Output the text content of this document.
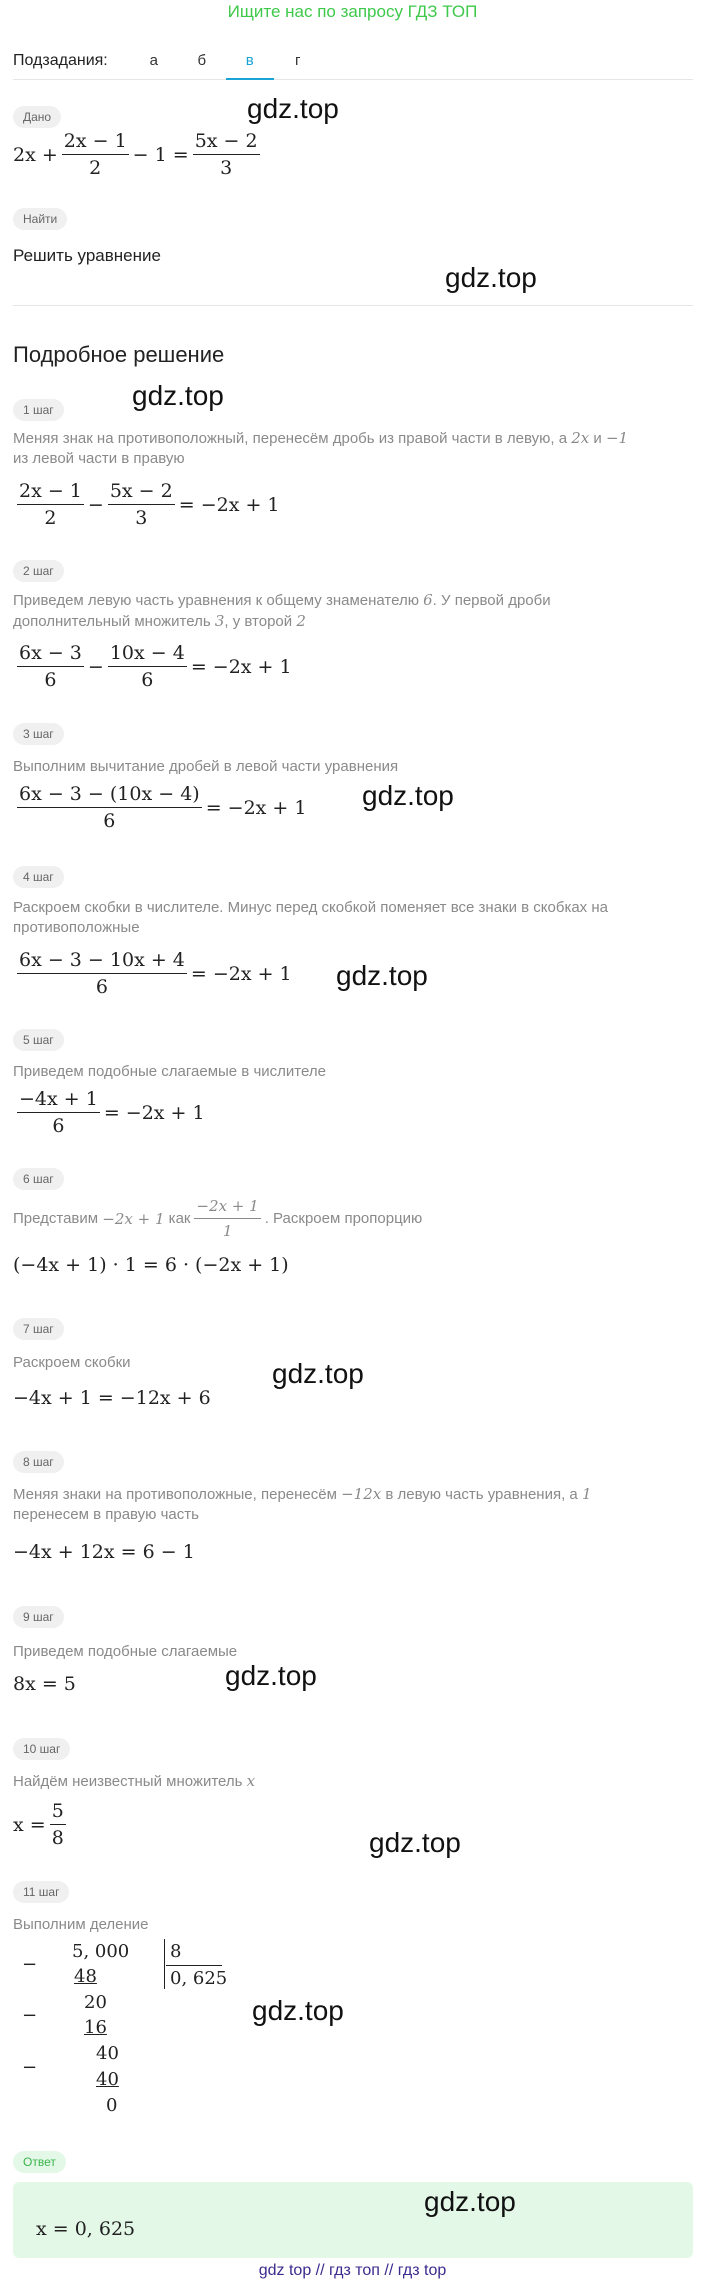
Ищите нас по запросу ГДЗ ТОП
Подзадания:	а	б	в	г
Дано	gdz.top
$2x + \frac{2x - 1}{2} - 1 = \frac{5x - 2}{3}$
Найти
Решить уравнение
gdz.top
Подробное решение
1 шаг	gdz.top
Меняя знак на противоположный, перенесём дробь из правой части в левую, а 2x и −1
из левой части в правую
$\frac{2x - 1}{2} - \frac{5x - 2}{3} = -2x + 1$
2 шаг
Приведем левую часть уравнения к общему знаменателю 6. У первой дроби
дополнительный множитель 3, у второй 2
$\frac{6x - 3}{6} - \frac{10x - 4}{6} = -2x + 1$
3 шаг
Выполним вычитание дробей в левой части уравнения
gdz.top
$\frac{6x - 3 - (10x - 4)}{6} = -2x + 1$
4 шаг
Раскроем скобки в числителе. Минус перед скобкой поменяет все знаки в скобках на
противоположные
$\frac{6x - 3 - 10x + 4}{6} = -2x + 1$ gdz.top
5 шаг
Приведем подобные слагаемые в числителе
$\frac{-4x + 1}{6} = -2x + 1$
6 шаг
Представим
−2x + 1
как $\frac{-2x + 1}{1}$ . Раскроем пропорцию
(−4x + 1) · 1 = 6 · (−2x + 1)
7 шаг
Раскроем скобки	gdz.top
−4x + 1 = −12x + 6
8 шаг
Меняя знаки на противоположные, перенесём −12x в левую часть уравнения, а 1
перенесем в правую часть
−4x + 12x = 6 − 1
9 шаг
Приведем подобные слагаемые
8x = 5	gdz.top
10 шаг
Найдём неизвестный множитель x
$x = \frac{5}{8}$	gdz.top
11 шаг
Выполним деление
−
5, 000 8
0, 625
48
−
20
16
−
40
40
0
gdz.top
Ответ
gdz.top
x = 0, 625
gdz top // гдз топ // гдз top
